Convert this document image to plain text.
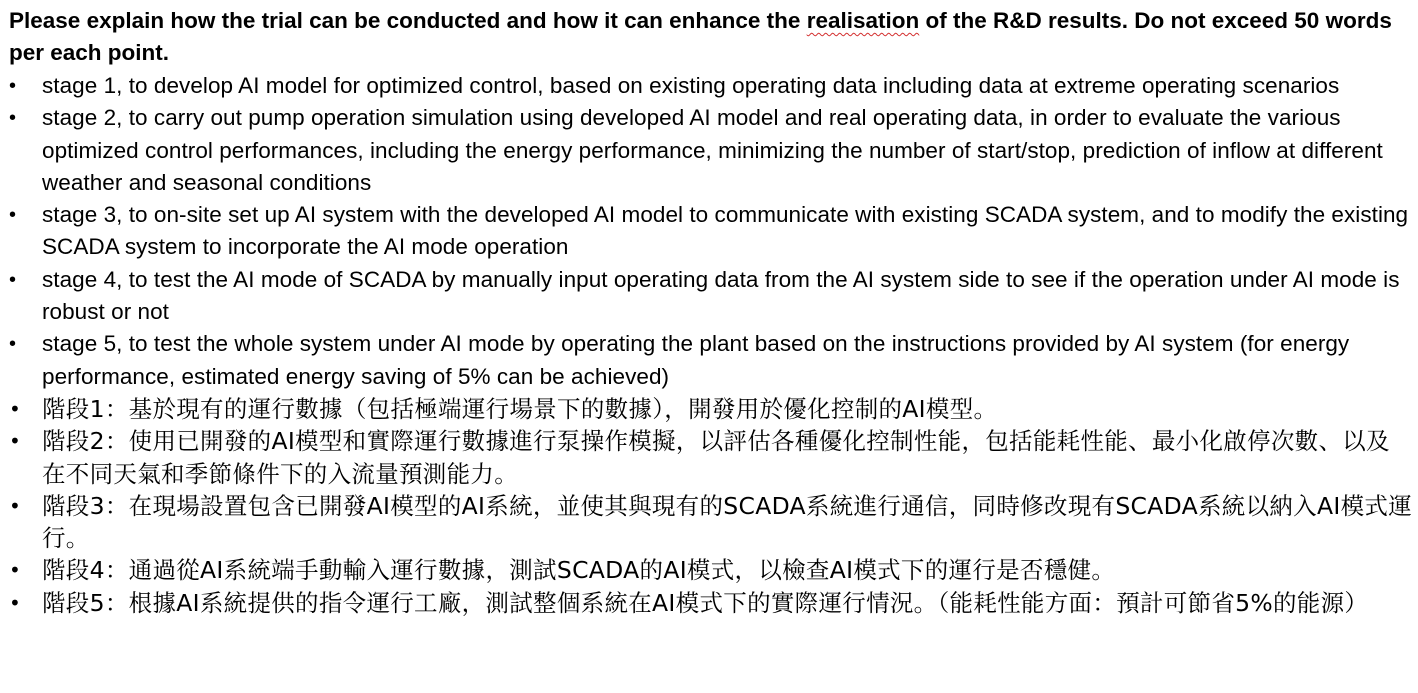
Please explain how the trial can be conducted and how it can enhance the realisation of the R&D results. Do not exceed 50 words per each point.

• stage 1, to develop AI model for optimized control, based on existing operating data including data at extreme operating scenarios
• stage 2, to carry out pump operation simulation using developed AI model and real operating data, in order to evaluate the various optimized control performances, including the energy performance, minimizing the number of start/stop, prediction of inflow at different weather and seasonal conditions
• stage 3, to on-site set up AI system with the developed AI model to communicate with existing SCADA system, and to modify the existing SCADA system to incorporate the AI mode operation
• stage 4, to test the AI mode of SCADA by manually input operating data from the AI system side to see if the operation under AI mode is robust or not
• stage 5, to test the whole system under AI mode by operating the plant based on the instructions provided by AI system (for energy performance, estimated energy saving of 5% can be achieved)
• 階段1：基於現有的運行數據（包括極端運行場景下的數據），開發用於優化控制的AI模型。
• 階段2：使用已開發的AI模型和實際運行數據進行泵操作模擬，以評估各種優化控制性能，包括能耗性能、最小化啟停次數、以及在不同天氣和季節條件下的入流量預測能力。
• 階段3：在現場設置包含已開發AI模型的AI系統，並使其與現有的SCADA系統進行通信，同時修改現有SCADA系統以納入AI模式運行。
• 階段4：通過從AI系統端手動輸入運行數據，測試SCADA的AI模式，以檢查AI模式下的運行是否穩健。
• 階段5：根據AI系統提供的指令運行工廠，測試整個系統在AI模式下的實際運行情況。（能耗性能方面：預計可節省5%的能源）
